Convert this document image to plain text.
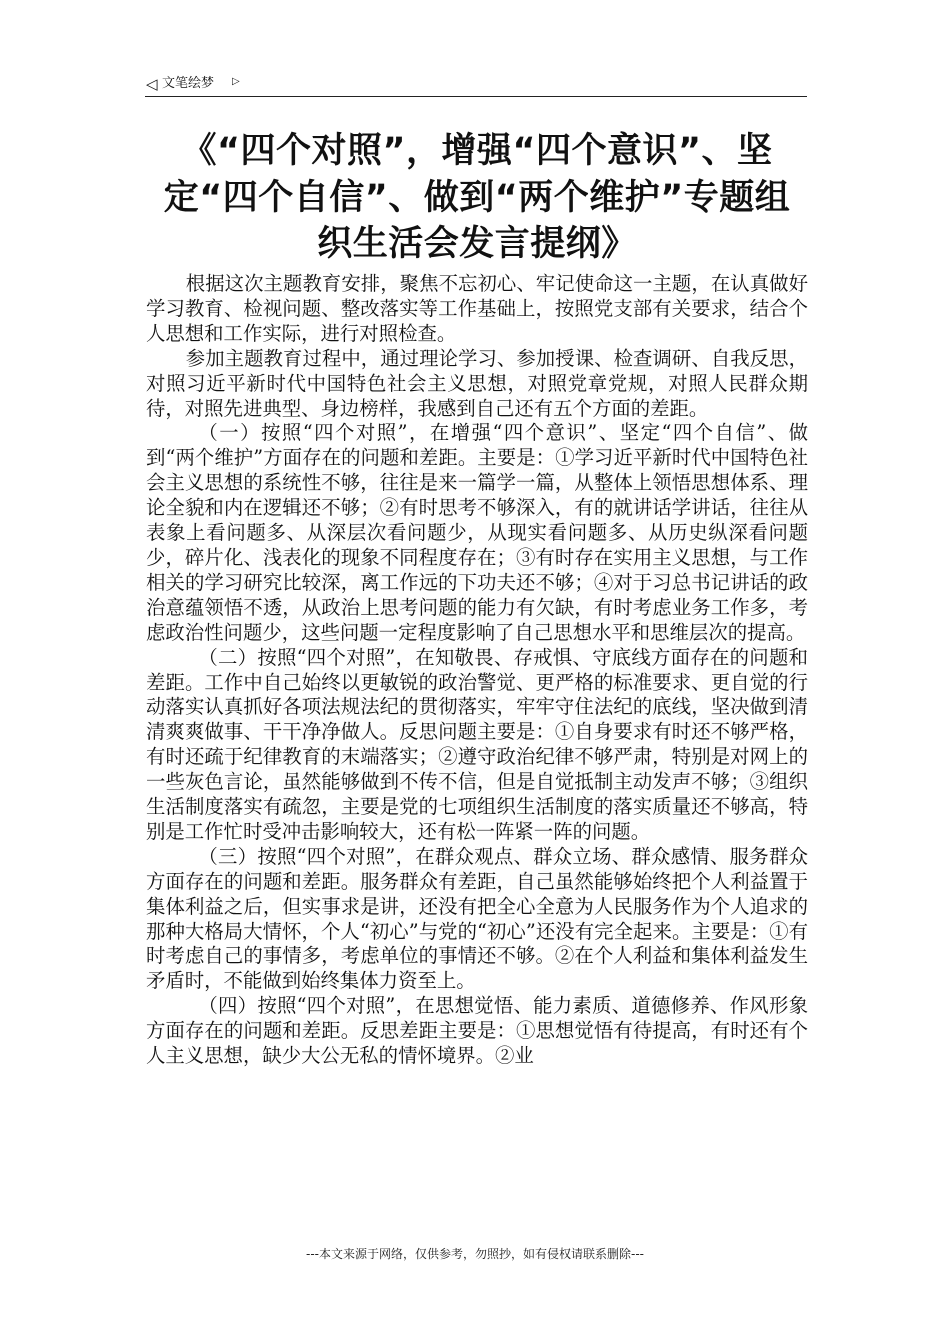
◁ 文笔绘梦 ▷
《“四个对照”，增强“四个意识”、坚定“四个自信”、做到“两个维护”专题组织生活会发言提纲》

根据这次主题教育安排，聚焦不忘初心、牢记使命这一主题，在认真做好学习教育、检视问题、整改落实等工作基础上，按照党支部有关要求，结合个人思想和工作实际，进行对照检查。

参加主题教育过程中，通过理论学习、参加授课、检查调研、自我反思，对照习近平新时代中国特色社会主义思想，对照党章党规，对照人民群众期待，对照先进典型、身边榜样，我感到自己还有五个方面的差距。

（一）按照“四个对照”，在增强“四个意识”、坚定“四个自信”、做到“两个维护”方面存在的问题和差距。主要是：①学习近平新时代中国特色社会主义思想的系统性不够，往往是来一篇学一篇，从整体上领悟思想体系、理论全貌和内在逻辑还不够；②有时思考不够深入，有的就讲话学讲话，往往从表象上看问题多、从深层次看问题少，从现实看问题多、从历史纵深看问题少，碎片化、浅表化的现象不同程度存在；③有时存在实用主义思想，与工作相关的学习研究比较深，离工作远的下功夫还不够；④对于习总书记讲话的政治意蕴领悟不透，从政治上思考问题的能力有欠缺，有时考虑业务工作多，考虑政治性问题少，这些问题一定程度影响了自己思想水平和思维层次的提高。

（二）按照“四个对照”，在知敬畏、存戒惧、守底线方面存在的问题和差距。工作中自己始终以更敏锐的政治警觉、更严格的标准要求、更自觉的行动落实认真抓好各项法规法纪的贯彻落实，牢牢守住法纪的底线，坚决做到清清爽爽做事、干干净净做人。反思问题主要是：①自身要求有时还不够严格，有时还疏于纪律教育的末端落实；②遵守政治纪律不够严肃，特别是对网上的一些灰色言论，虽然能够做到不传不信，但是自觉抵制主动发声不够；③组织生活制度落实有疏忽，主要是党的七项组织生活制度的落实质量还不够高，特别是工作忙时受冲击影响较大，还有松一阵紧一阵的问题。

（三）按照“四个对照”，在群众观点、群众立场、群众感情、服务群众方面存在的问题和差距。服务群众有差距，自己虽然能够始终把个人利益置于集体利益之后，但实事求是讲，还没有把全心全意为人民服务作为个人追求的那种大格局大情怀，个人“初心”与党的“初心”还没有完全起来。主要是：①有时考虑自己的事情多，考虑单位的事情还不够。②在个人利益和集体利益发生矛盾时，不能做到始终集体力资至上。

（四）按照“四个对照”，在思想觉悟、能力素质、道德修养、作风形象方面存在的问题和差距。反思差距主要是：①思想觉悟有待提高，有时还有个人主义思想，缺少大公无私的情怀境界。②业

---本文来源于网络，仅供参考，勿照抄，如有侵权请联系删除---
